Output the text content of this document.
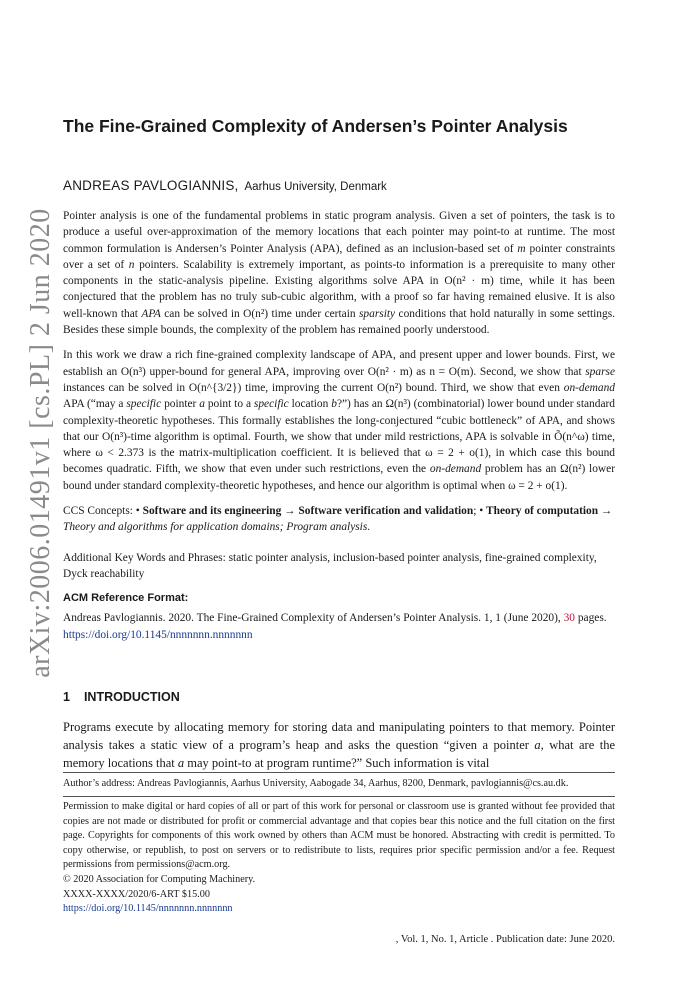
arXiv:2006.01491v1 [cs.PL] 2 Jun 2020
The Fine-Grained Complexity of Andersen’s Pointer Analysis
ANDREAS PAVLOGIANNIS, Aarhus University, Denmark

Pointer analysis is one of the fundamental problems in static program analysis. Given a set of pointers, the task is to produce a useful over-approximation of the memory locations that each pointer may point-to at runtime. The most common formulation is Andersen’s Pointer Analysis (APA), defined as an inclusion-based set of m pointer constraints over a set of n pointers. Scalability is extremely important, as points-to information is a prerequisite to many other components in the static-analysis pipeline. Existing algorithms solve APA in O(n² · m) time, while it has been conjectured that the problem has no truly sub-cubic algorithm, with a proof so far having remained elusive. It is also well-known that APA can be solved in O(n²) time under certain sparsity conditions that hold naturally in some settings. Besides these simple bounds, the complexity of the problem has remained poorly understood.

In this work we draw a rich fine-grained complexity landscape of APA, and present upper and lower bounds. First, we establish an O(n³) upper-bound for general APA, improving over O(n² · m) as n = O(m). Second, we show that sparse instances can be solved in O(n^{3/2}) time, improving the current O(n²) bound. Third, we show that even on-demand APA (“may a specific pointer a point to a specific location b?”) has an Ω(n³) (combinatorial) lower bound under standard complexity-theoretic hypotheses. This formally establishes the long-conjectured “cubic bottleneck” of APA, and shows that our O(n³)-time algorithm is optimal. Fourth, we show that under mild restrictions, APA is solvable in Õ(n^ω) time, where ω < 2.373 is the matrix-multiplication coefficient. It is believed that ω = 2 + o(1), in which case this bound becomes quadratic. Fifth, we show that even under such restrictions, even the on-demand problem has an Ω(n²) lower bound under standard complexity-theoretic hypotheses, and hence our algorithm is optimal when ω = 2 + o(1).

CCS Concepts: • Software and its engineering → Software verification and validation; • Theory of computation → Theory and algorithms for application domains; Program analysis.

Additional Key Words and Phrases: static pointer analysis, inclusion-based pointer analysis, fine-grained complexity, Dyck reachability

ACM Reference Format:

Andreas Pavlogiannis. 2020. The Fine-Grained Complexity of Andersen’s Pointer Analysis. 1, 1 (June 2020), 30 pages. https://doi.org/10.1145/nnnnnnn.nnnnnnn

1 INTRODUCTION
Programs execute by allocating memory for storing data and manipulating pointers to that memory. Pointer analysis takes a static view of a program’s heap and asks the question “given a pointer a, what are the memory locations that a may point-to at program runtime?” Such information is vital
Author’s address: Andreas Pavlogiannis, Aarhus University, Aabogade 34, Aarhus, 8200, Denmark, pavlogiannis@cs.au.dk.
Permission to make digital or hard copies of all or part of this work for personal or classroom use is granted without fee provided that copies are not made or distributed for profit or commercial advantage and that copies bear this notice and the full citation on the first page. Copyrights for components of this work owned by others than ACM must be honored. Abstracting with credit is permitted. To copy otherwise, or republish, to post on servers or to redistribute to lists, requires prior specific permission and/or a fee. Request permissions from permissions@acm.org.
© 2020 Association for Computing Machinery.
XXXX-XXXX/2020/6-ART $15.00
https://doi.org/10.1145/nnnnnnn.nnnnnnn
, Vol. 1, No. 1, Article . Publication date: June 2020.
